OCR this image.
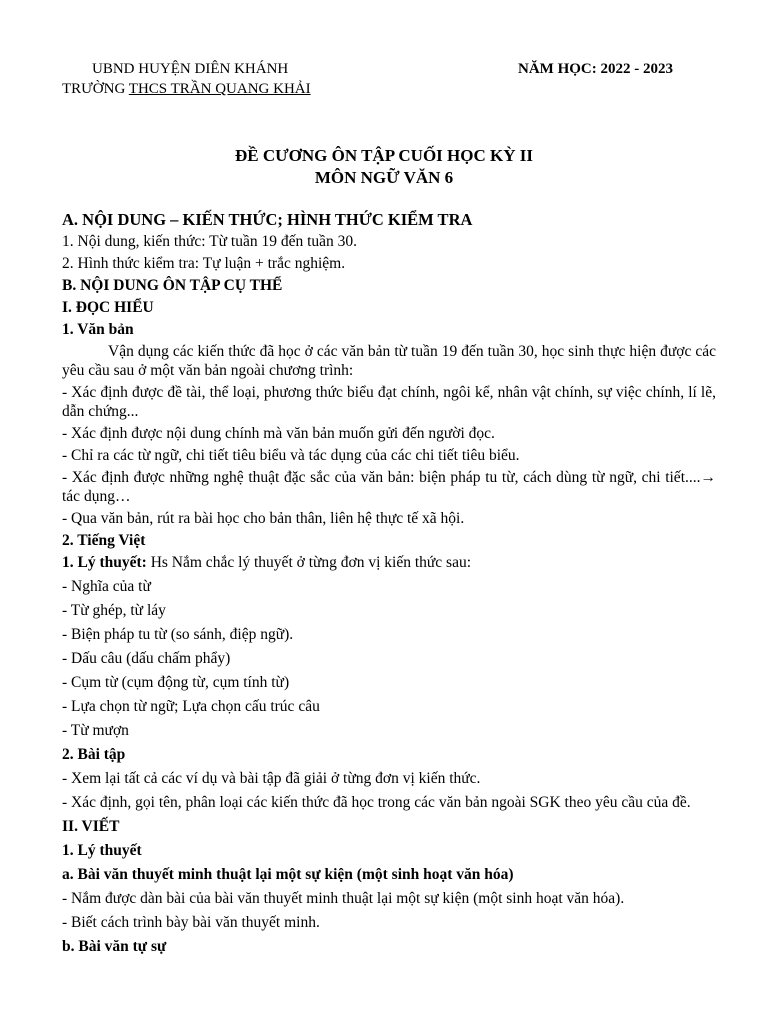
UBND HUYỆN DIÊN KHÁNH
TRƯỜNG THCS TRẦN QUANG KHẢI
NĂM HỌC: 2022 - 2023
ĐỀ CƯƠNG ÔN TẬP CUỐI HỌC KỲ II
MÔN NGỮ VĂN 6

A. NỘI DUNG – KIẾN THỨC; HÌNH THỨC KIỂM TRA

1. Nội dung, kiến thức: Từ tuần 19 đến tuần 30.

2. Hình thức kiểm tra: Tự luận + trắc nghiệm.

B. NỘI DUNG ÔN TẬP CỤ THỂ

I. ĐỌC HIỂU

1. Văn bản

Vận dụng các kiến thức đã học ở các văn bản từ tuần 19 đến tuần 30, học sinh thực hiện được các yêu cầu sau ở một văn bản ngoài chương trình:

- Xác định được đề tài, thể loại, phương thức biểu đạt chính, ngôi kể, nhân vật chính, sự việc chính, lí lẽ, dẫn chứng...

- Xác định được nội dung chính mà văn bản muốn gửi đến người đọc.

- Chỉ ra các từ ngữ, chi tiết tiêu biểu và tác dụng của các chi tiết tiêu biểu.

- Xác định được những nghệ thuật đặc sắc của văn bản: biện pháp tu từ, cách dùng từ ngữ, chi tiết....→ tác dụng…

- Qua văn bản, rút ra bài học cho bản thân, liên hệ thực tế xã hội.

2. Tiếng Việt

1. Lý thuyết: Hs Nắm chắc lý thuyết ở từng đơn vị kiến thức sau:

- Nghĩa của từ

- Từ ghép, từ láy

- Biện pháp tu từ (so sánh, điệp ngữ).

- Dấu câu (dấu chấm phẩy)

- Cụm từ (cụm động từ, cụm tính từ)

- Lựa chọn từ ngữ; Lựa chọn cấu trúc câu

- Từ mượn

2. Bài tập

- Xem lại tất cả các ví dụ và bài tập đã giải ở từng đơn vị kiến thức.

- Xác định, gọi tên, phân loại các kiến thức đã học trong các văn bản ngoài SGK theo yêu cầu của đề.

II. VIẾT

1. Lý thuyết

a. Bài văn thuyết minh thuật lại một sự kiện (một sinh hoạt văn hóa)

- Nắm được dàn bài của bài văn thuyết minh thuật lại một sự kiện (một sinh hoạt văn hóa).

- Biết cách trình bày bài văn thuyết minh.

b. Bài văn tự sự
